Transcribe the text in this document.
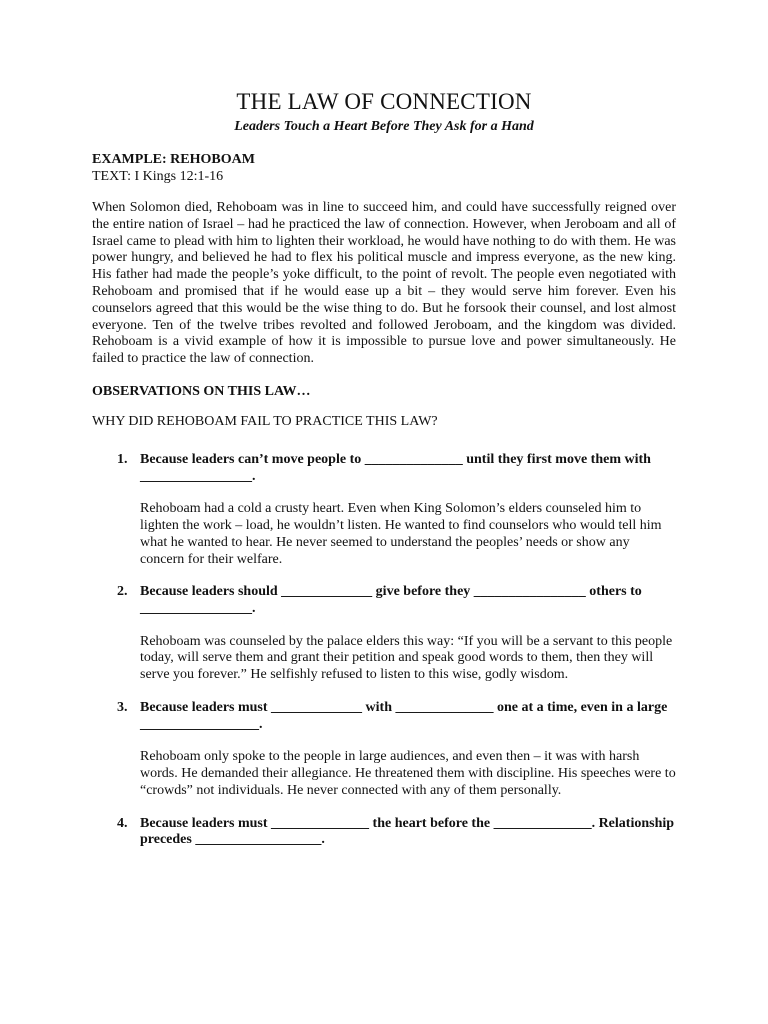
THE LAW OF CONNECTION

Leaders Touch a Heart Before They Ask for a Hand

EXAMPLE: REHOBOAM

TEXT: I Kings 12:1-16

When Solomon died, Rehoboam was in line to succeed him, and could have successfully reigned over the entire nation of Israel – had he practiced the law of connection. However, when Jeroboam and all of Israel came to plead with him to lighten their workload, he would have nothing to do with them. He was power hungry, and believed he had to flex his political muscle and impress everyone, as the new king. His father had made the people’s yoke difficult, to the point of revolt. The people even negotiated with Rehoboam and promised that if he would ease up a bit – they would serve him forever. Even his counselors agreed that this would be the wise thing to do. But he forsook their counsel, and lost almost everyone. Ten of the twelve tribes revolted and followed Jeroboam, and the kingdom was divided. Rehoboam is a vivid example of how it is impossible to pursue love and power simultaneously. He failed to practice the law of connection.

OBSERVATIONS ON THIS LAW…

WHY DID REHOBOAM FAIL TO PRACTICE THIS LAW?

1. Because leaders can’t move people to ______________ until they first move them with ________________.

Rehoboam had a cold a crusty heart. Even when King Solomon’s elders counseled him to lighten the work – load, he wouldn’t listen. He wanted to find counselors who would tell him what he wanted to hear. He never seemed to understand the peoples’ needs or show any concern for their welfare.

2. Because leaders should _____________ give before they ________________ others to ________________.

Rehoboam was counseled by the palace elders this way: “If you will be a servant to this people today, will serve them and grant their petition and speak good words to them, then they will serve you forever.” He selfishly refused to listen to this wise, godly wisdom.

3. Because leaders must _____________ with ______________ one at a time, even in a large _________________.

Rehoboam only spoke to the people in large audiences, and even then – it was with harsh words. He demanded their allegiance. He threatened them with discipline. His speeches were to “crowds” not individuals. He never connected with any of them personally.

4. Because leaders must ______________ the heart before the ______________. Relationship precedes __________________.
